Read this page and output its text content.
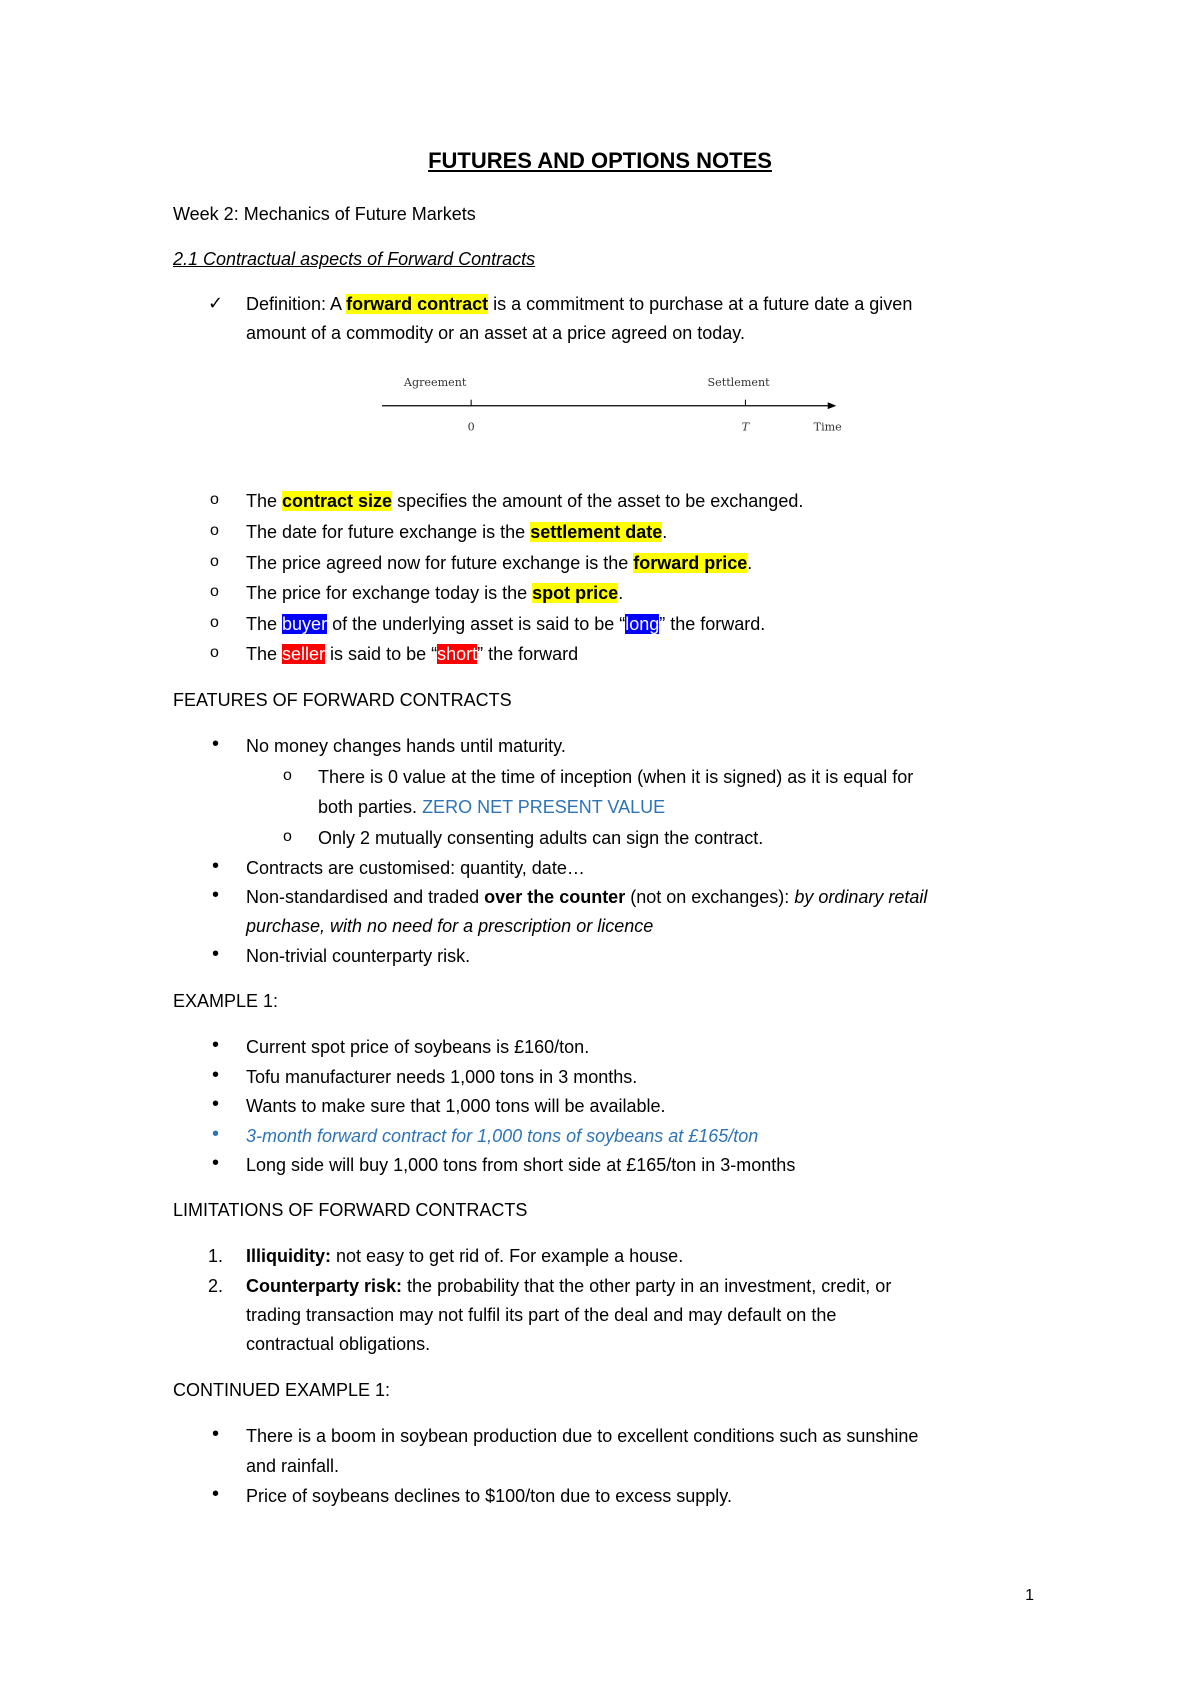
FUTURES AND OPTIONS NOTES
Week 2: Mechanics of Future Markets
2.1 Contractual aspects of Forward Contracts
✓ Definition: A forward contract is a commitment to purchase at a future date a given
amount of a commodity or an asset at a price agreed on today.
Agreement	Settlement
0	T	Time
o The contract size specifies the amount of the asset to be exchanged.
o The date for future exchange is the settlement date.
o The price agreed now for future exchange is the forward price.
o The price for exchange today is the spot price.
o The buyer of the underlying asset is said to be “long” the forward.
o The seller is said to be “short” the forward
FEATURES OF FORWARD CONTRACTS
• No money changes hands until maturity.
o There is 0 value at the time of inception (when it is signed) as it is equal for
both parties. ZERO NET PRESENT VALUE
o Only 2 mutually consenting adults can sign the contract.
• Contracts are customised: quantity, date…
• Non-standardised and traded over the counter (not on exchanges): by ordinary retail
purchase, with no need for a prescription or licence
• Non-trivial counterparty risk.
EXAMPLE 1:
• Current spot price of soybeans is £160/ton.
• Tofu manufacturer needs 1,000 tons in 3 months.
• Wants to make sure that 1,000 tons will be available.
• 3-month forward contract for 1,000 tons of soybeans at £165/ton
• Long side will buy 1,000 tons from short side at £165/ton in 3-months
LIMITATIONS OF FORWARD CONTRACTS
1. Illiquidity: not easy to get rid of. For example a house.
2. Counterparty risk: the probability that the other party in an investment, credit, or
trading transaction may not fulfil its part of the deal and may default on the
contractual obligations.
CONTINUED EXAMPLE 1:
• There is a boom in soybean production due to excellent conditions such as sunshine
and rainfall.
• Price of soybeans declines to $100/ton due to excess supply.
1
